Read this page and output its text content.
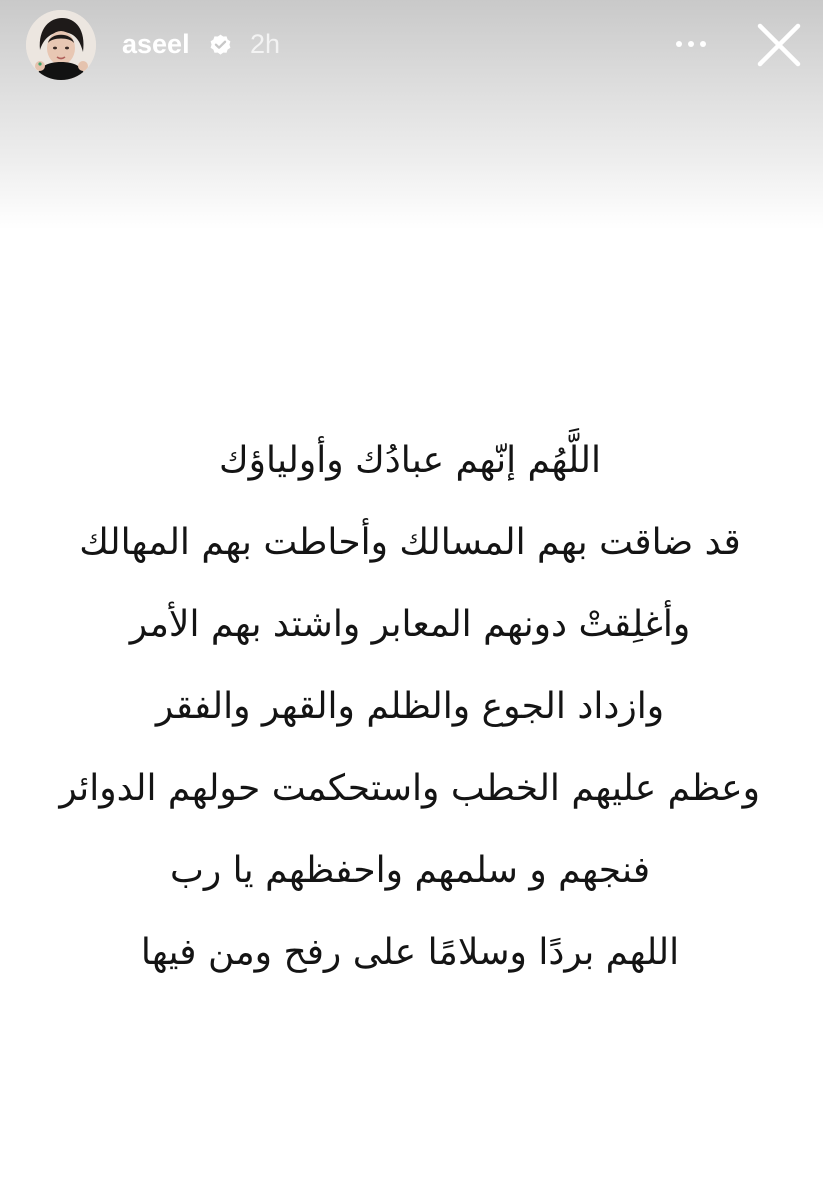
aseel 2h
اللَّهُم إنّهم عبادُك وأولياؤك
قد ضاقت بهم المسالك وأحاطت بهم المهالك
وأغلِقتْ دونهم المعابر واشتد بهم الأمر
وازداد الجوع والظلم والقهر والفقر
وعظم عليهم الخطب واستحكمت حولهم الدوائر
فنجهم و سلمهم واحفظهم يا رب
اللهم بردًا وسلامًا على رفح ومن فيها
